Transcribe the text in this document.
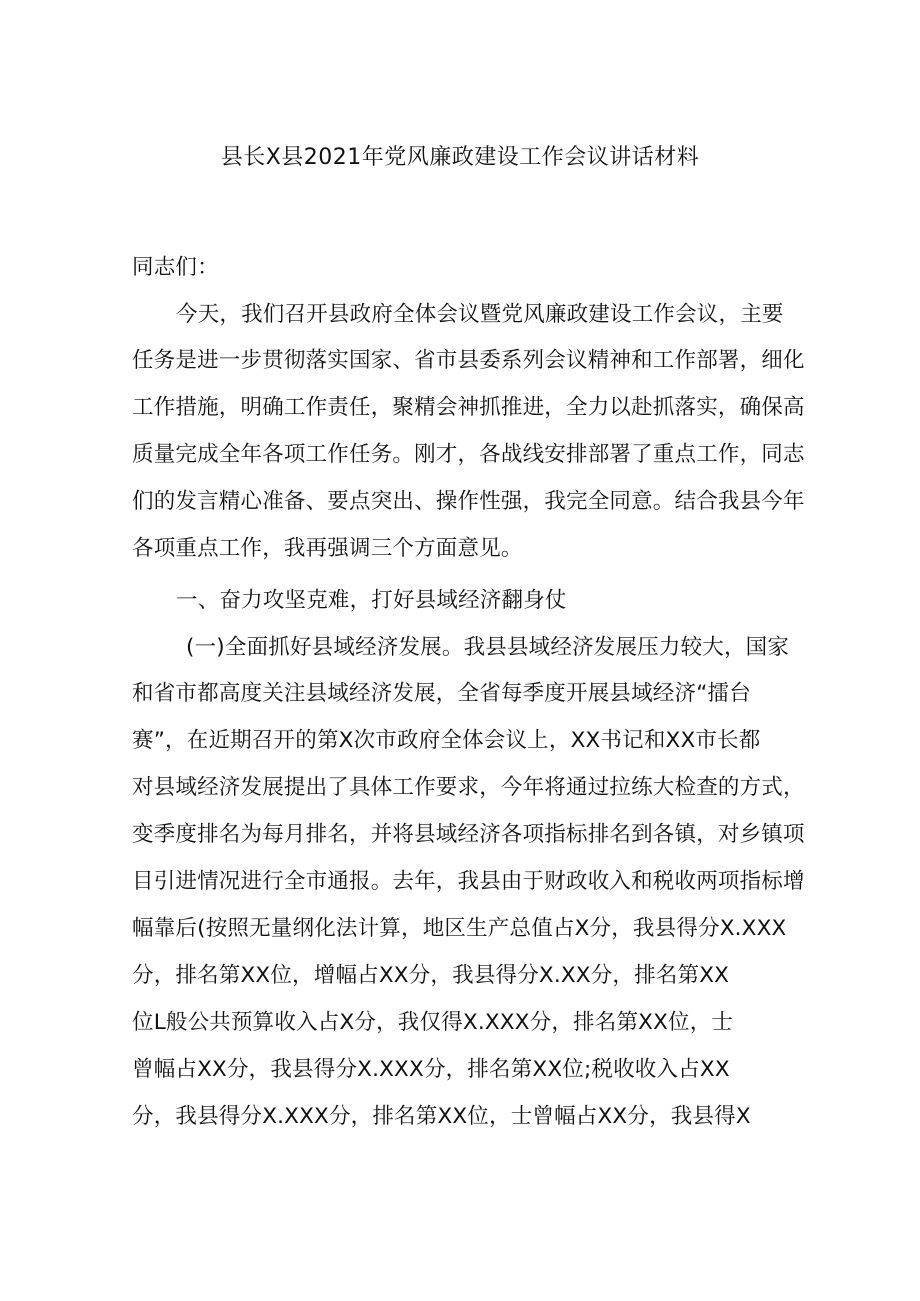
县长X县2021年党风廉政建设工作会议讲话材料
同志们：
今天，我们召开县政府全体会议暨党风廉政建设工作会议，主要
任务是进一步贯彻落实国家、省市县委系列会议精神和工作部署，细化
工作措施，明确工作责任，聚精会神抓推进，全力以赴抓落实，确保高
质量完成全年各项工作任务。刚才，各战线安排部署了重点工作，同志
们的发言精心准备、要点突出、操作性强，我完全同意。结合我县今年
各项重点工作，我再强调三个方面意见。
一、奋力攻坚克难，打好县域经济翻身仗
(一)全面抓好县域经济发展。我县县域经济发展压力较大，国家
和省市都高度关注县域经济发展，全省每季度开展县域经济“擂台
赛”，在近期召开的第X次市政府全体会议上，XX书记和XX市长都
对县域经济发展提出了具体工作要求，今年将通过拉练大检查的方式，
变季度排名为每月排名，并将县域经济各项指标排名到各镇，对乡镇项
目引进情况进行全市通报。去年，我县由于财政收入和税收两项指标增
幅靠后(按照无量纲化法计算，地区生产总值占X分，我县得分X.XXX
分，排名第XX位，增幅占XX分，我县得分X.XX分，排名第XX
位L般公共预算收入占X分，我仅得X.XXX分，排名第XX位，士
曾幅占XX分，我县得分X.XXX分，排名第XX位;税收收入占XX
分，我县得分X.XXX分，排名第XX位，士曾幅占XX分，我县得X
